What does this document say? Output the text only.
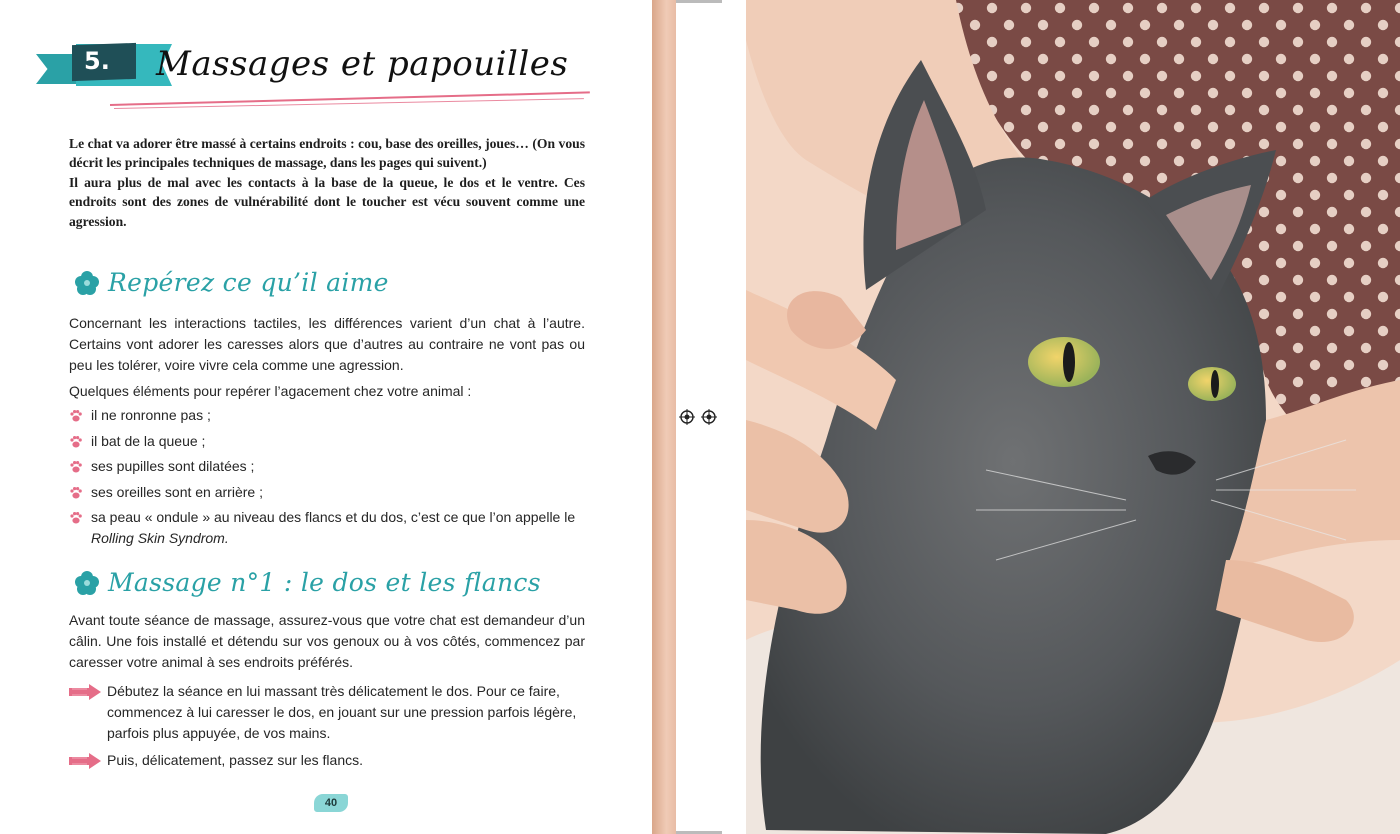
5. Massages et papouilles

Le chat va adorer être massé à certains endroits : cou, base des oreilles, joues… (On vous décrit les principales techniques de massage, dans les pages qui suivent.)

Il aura plus de mal avec les contacts à la base de la queue, le dos et le ventre. Ces endroits sont des zones de vulnérabilité dont le toucher est vécu souvent comme une agression.

Repérez ce qu’il aime

Concernant les interactions tactiles, les différences varient d’un chat à l’autre. Certains vont adorer les caresses alors que d’autres au contraire ne vont pas ou peu les tolérer, voire vivre cela comme une agression.

Quelques éléments pour repérer l’agacement chez votre animal :

il ne ronronne pas ;
il bat de la queue ;
ses pupilles sont dilatées ;
ses oreilles sont en arrière ;
sa peau « ondule » au niveau des flancs et du dos, c’est ce que l’on appelle le Rolling Skin Syndrom.
Massage n°1 : le dos et les flancs

Avant toute séance de massage, assurez-vous que votre chat est demandeur d’un câlin. Une fois installé et détendu sur vos genoux ou à vos côtés, commencez par caresser votre animal à ses endroits préférés.

Débutez la séance en lui massant très délicatement le dos. Pour ce faire, commencez à lui caresser le dos, en jouant sur une pression parfois légère, parfois plus appuyée, de vos mains.
Puis, délicatement, passez sur les flancs.
40
